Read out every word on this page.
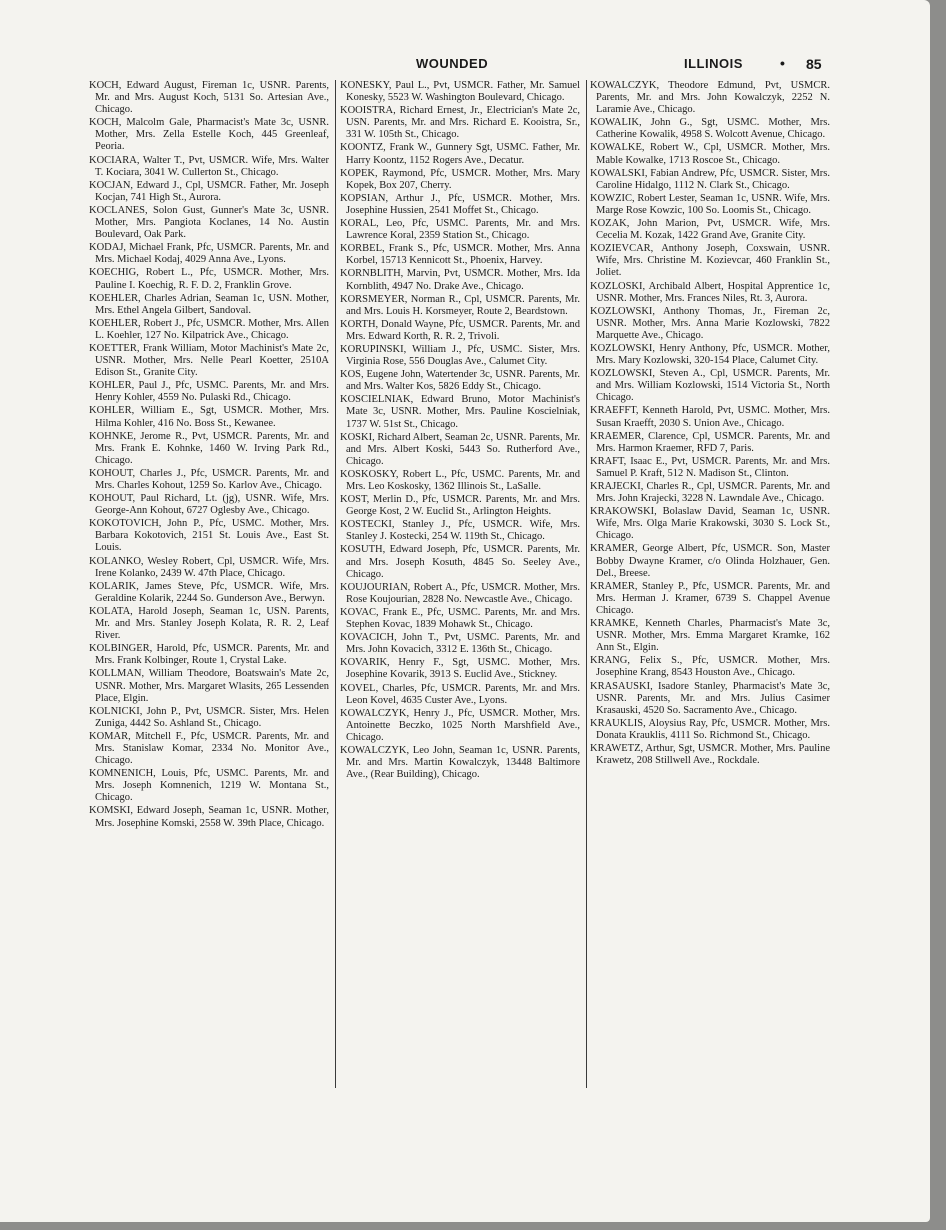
WOUNDED	ILLINOIS	• 85

KOCH, Edward August, Fireman 1c, USNR. Parents, Mr. and Mrs. August Koch, 5131 So. Artesian Ave., Chicago.

KOCH, Malcolm Gale, Pharmacist's Mate 3c, USNR. Mother, Mrs. Zella Estelle Koch, 445 Greenleaf, Peoria.

KOCIARA, Walter T., Pvt, USMCR. Wife, Mrs. Walter T. Kociara, 3041 W. Cullerton St., Chicago.

KOCJAN, Edward J., Cpl, USMCR. Father, Mr. Joseph Kocjan, 741 High St., Aurora.

KOCLANES, Solon Gust, Gunner's Mate 3c, USNR. Mother, Mrs. Pangiota Koclanes, 14 No. Austin Boulevard, Oak Park.

KODAJ, Michael Frank, Pfc, USMCR. Parents, Mr. and Mrs. Michael Kodaj, 4029 Anna Ave., Lyons.

KOECHIG, Robert L., Pfc, USMCR. Mother, Mrs. Pauline I. Koechig, R. F. D. 2, Franklin Grove.

KOEHLER, Charles Adrian, Seaman 1c, USN. Mother, Mrs. Ethel Angela Gilbert, Sandoval.

KOEHLER, Robert J., Pfc, USMCR. Mother, Mrs. Allen L. Koehler, 127 No. Kilpatrick Ave., Chicago.

KOETTER, Frank William, Motor Machinist's Mate 2c, USNR. Mother, Mrs. Nelle Pearl Koetter, 2510A Edison St., Granite City.

KOHLER, Paul J., Pfc, USMC. Parents, Mr. and Mrs. Henry Kohler, 4559 No. Pulaski Rd., Chicago.

KOHLER, William E., Sgt, USMCR. Mother, Mrs. Hilma Kohler, 416 No. Boss St., Kewanee.

KOHNKE, Jerome R., Pvt, USMCR. Parents, Mr. and Mrs. Frank E. Kohnke, 1460 W. Irving Park Rd., Chicago.

KOHOUT, Charles J., Pfc, USMCR. Parents, Mr. and Mrs. Charles Kohout, 1259 So. Karlov Ave., Chicago.

KOHOUT, Paul Richard, Lt. (jg), USNR. Wife, Mrs. George-Ann Kohout, 6727 Oglesby Ave., Chicago.

KOKOTOVICH, John P., Pfc, USMC. Mother, Mrs. Barbara Kokotovich, 2151 St. Louis Ave., East St. Louis.

KOLANKO, Wesley Robert, Cpl, USMCR. Wife, Mrs. Irene Kolanko, 2439 W. 47th Place, Chicago.

KOLARIK, James Steve, Pfc, USMCR. Wife, Mrs. Geraldine Kolarik, 2244 So. Gunderson Ave., Berwyn.

KOLATA, Harold Joseph, Seaman 1c, USN. Parents, Mr. and Mrs. Stanley Joseph Kolata, R. R. 2, Leaf River.

KOLBINGER, Harold, Pfc, USMCR. Parents, Mr. and Mrs. Frank Kolbinger, Route 1, Crystal Lake.

KOLLMAN, William Theodore, Boatswain's Mate 2c, USNR. Mother, Mrs. Margaret Wlasits, 265 Lessenden Place, Elgin.

KOLNICKI, John P., Pvt, USMCR. Sister, Mrs. Helen Zuniga, 4442 So. Ashland St., Chicago.

KOMAR, Mitchell F., Pfc, USMCR. Parents, Mr. and Mrs. Stanislaw Komar, 2334 No. Monitor Ave., Chicago.

KOMNENICH, Louis, Pfc, USMC. Parents, Mr. and Mrs. Joseph Komnenich, 1219 W. Montana St., Chicago.

KOMSKI, Edward Joseph, Seaman 1c, USNR. Mother, Mrs. Josephine Komski, 2558 W. 39th Place, Chicago.

KONESKY, Paul L., Pvt, USMCR. Father, Mr. Samuel Konesky, 5523 W. Washington Boulevard, Chicago.

KOOISTRA, Richard Ernest, Jr., Electrician's Mate 2c, USN. Parents, Mr. and Mrs. Richard E. Kooistra, Sr., 331 W. 105th St., Chicago.

KOONTZ, Frank W., Gunnery Sgt, USMC. Father, Mr. Harry Koontz, 1152 Rogers Ave., Decatur.

KOPEK, Raymond, Pfc, USMCR. Mother, Mrs. Mary Kopek, Box 207, Cherry.

KOPSIAN, Arthur J., Pfc, USMCR. Mother, Mrs. Josephine Hussien, 2541 Moffet St., Chicago.

KORAL, Leo, Pfc, USMC. Parents, Mr. and Mrs. Lawrence Koral, 2359 Station St., Chicago.

KORBEL, Frank S., Pfc, USMCR. Mother, Mrs. Anna Korbel, 15713 Kennicott St., Phoenix, Harvey.

KORNBLITH, Marvin, Pvt, USMCR. Mother, Mrs. Ida Kornblith, 4947 No. Drake Ave., Chicago.

KORSMEYER, Norman R., Cpl, USMCR. Parents, Mr. and Mrs. Louis H. Korsmeyer, Route 2, Beardstown.

KORTH, Donald Wayne, Pfc, USMCR. Parents, Mr. and Mrs. Edward Korth, R. R. 2, Trivoli.

KORUPINSKI, William J., Pfc, USMC. Sister, Mrs. Virginia Rose, 556 Douglas Ave., Calumet City.

KOS, Eugene John, Watertender 3c, USNR. Parents, Mr. and Mrs. Walter Kos, 5826 Eddy St., Chicago.

KOSCIELNIAK, Edward Bruno, Motor Machinist's Mate 3c, USNR. Mother, Mrs. Pauline Koscielniak, 1737 W. 51st St., Chicago.

KOSKI, Richard Albert, Seaman 2c, USNR. Parents, Mr. and Mrs. Albert Koski, 5443 So. Rutherford Ave., Chicago.

KOSKOSKY, Robert L., Pfc, USMC. Parents, Mr. and Mrs. Leo Koskosky, 1362 Illinois St., LaSalle.

KOST, Merlin D., Pfc, USMCR. Parents, Mr. and Mrs. George Kost, 2 W. Euclid St., Arlington Heights.

KOSTECKI, Stanley J., Pfc, USMCR. Wife, Mrs. Stanley J. Kostecki, 254 W. 119th St., Chicago.

KOSUTH, Edward Joseph, Pfc, USMCR. Parents, Mr. and Mrs. Joseph Kosuth, 4845 So. Seeley Ave., Chicago.

KOUJOURIAN, Robert A., Pfc, USMCR. Mother, Mrs. Rose Koujourian, 2828 No. Newcastle Ave., Chicago.

KOVAC, Frank E., Pfc, USMC. Parents, Mr. and Mrs. Stephen Kovac, 1839 Mohawk St., Chicago.

KOVACICH, John T., Pvt, USMC. Parents, Mr. and Mrs. John Kovacich, 3312 E. 136th St., Chicago.

KOVARIK, Henry F., Sgt, USMC. Mother, Mrs. Josephine Kovarik, 3913 S. Euclid Ave., Stickney.

KOVEL, Charles, Pfc, USMCR. Parents, Mr. and Mrs. Leon Kovel, 4635 Custer Ave., Lyons.

KOWALCZYK, Henry J., Pfc, USMCR. Mother, Mrs. Antoinette Beczko, 1025 North Marshfield Ave., Chicago.

KOWALCZYK, Leo John, Seaman 1c, USNR. Parents, Mr. and Mrs. Martin Kowalczyk, 13448 Baltimore Ave., (Rear Building), Chicago.

KOWALCZYK, Theodore Edmund, Pvt, USMCR. Parents, Mr. and Mrs. John Kowalczyk, 2252 N. Laramie Ave., Chicago.

KOWALIK, John G., Sgt, USMC. Mother, Mrs. Catherine Kowalik, 4958 S. Wolcott Avenue, Chicago.

KOWALKE, Robert W., Cpl, USMCR. Mother, Mrs. Mable Kowalke, 1713 Roscoe St., Chicago.

KOWALSKI, Fabian Andrew, Pfc, USMCR. Sister, Mrs. Caroline Hidalgo, 1112 N. Clark St., Chicago.

KOWZIC, Robert Lester, Seaman 1c, USNR. Wife, Mrs. Marge Rose Kowzic, 100 So. Loomis St., Chicago.

KOZAK, John Marion, Pvt, USMCR. Wife, Mrs. Cecelia M. Kozak, 1422 Grand Ave, Granite City.

KOZIEVCAR, Anthony Joseph, Coxswain, USNR. Wife, Mrs. Christine M. Kozievcar, 460 Franklin St., Joliet.

KOZLOSKI, Archibald Albert, Hospital Apprentice 1c, USNR. Mother, Mrs. Frances Niles, Rt. 3, Aurora.

KOZLOWSKI, Anthony Thomas, Jr., Fireman 2c, USNR. Mother, Mrs. Anna Marie Kozlowski, 7822 Marquette Ave., Chicago.

KOZLOWSKI, Henry Anthony, Pfc, USMCR. Mother, Mrs. Mary Kozlowski, 320-154 Place, Calumet City.

KOZLOWSKI, Steven A., Cpl, USMCR. Parents, Mr. and Mrs. William Kozlowski, 1514 Victoria St., North Chicago.

KRAEFFT, Kenneth Harold, Pvt, USMC. Mother, Mrs. Susan Kraefft, 2030 S. Union Ave., Chicago.

KRAEMER, Clarence, Cpl, USMCR. Parents, Mr. and Mrs. Harmon Kraemer, RFD 7, Paris.

KRAFT, Isaac E., Pvt, USMCR. Parents, Mr. and Mrs. Samuel P. Kraft, 512 N. Madison St., Clinton.

KRAJECKI, Charles R., Cpl, USMCR. Parents, Mr. and Mrs. John Krajecki, 3228 N. Lawndale Ave., Chicago.

KRAKOWSKI, Bolaslaw David, Seaman 1c, USNR. Wife, Mrs. Olga Marie Krakowski, 3030 S. Lock St., Chicago.

KRAMER, George Albert, Pfc, USMCR. Son, Master Bobby Dwayne Kramer, c/o Olinda Holzhauer, Gen. Del., Breese.

KRAMER, Stanley P., Pfc, USMCR. Parents, Mr. and Mrs. Herman J. Kramer, 6739 S. Chappel Avenue Chicago.

KRAMKE, Kenneth Charles, Pharmacist's Mate 3c, USNR. Mother, Mrs. Emma Margaret Kramke, 162 Ann St., Elgin.

KRANG, Felix S., Pfc, USMCR. Mother, Mrs. Josephine Krang, 8543 Houston Ave., Chicago.

KRASAUSKI, Isadore Stanley, Pharmacist's Mate 3c, USNR. Parents, Mr. and Mrs. Julius Casimer Krasauski, 4520 So. Sacramento Ave., Chicago.

KRAUKLIS, Aloysius Ray, Pfc, USMCR. Mother, Mrs. Donata Krauklis, 4111 So. Richmond St., Chicago.

KRAWETZ, Arthur, Sgt, USMCR. Mother, Mrs. Pauline Krawetz, 208 Stillwell Ave., Rockdale.
